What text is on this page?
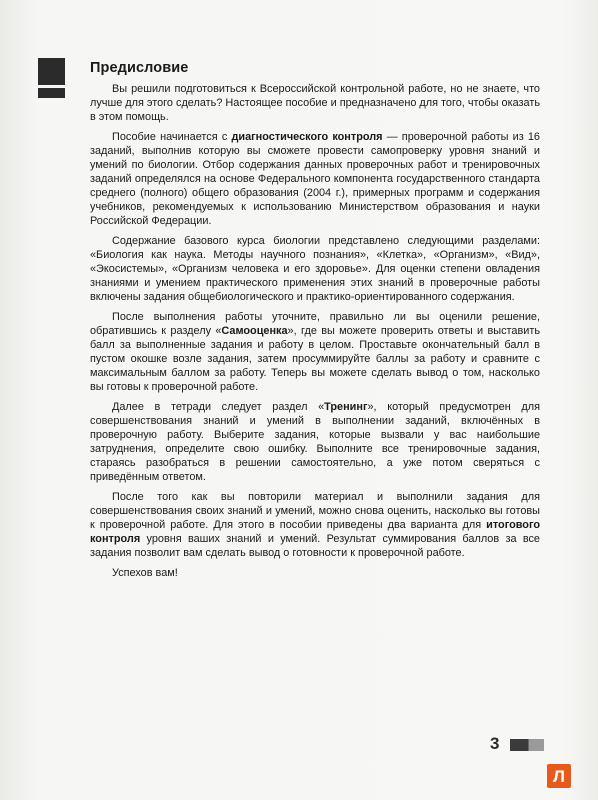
Предисловие

Вы решили подготовиться к Всероссийской контрольной работе, но не знаете, что лучше для этого сделать? Настоящее пособие и предназначено для того, чтобы оказать в этом помощь.

Пособие начинается с диагностического контроля — проверочной работы из 16 заданий, выполнив которую вы сможете провести самопроверку уровня знаний и умений по биологии. Отбор содержания данных проверочных работ и тренировочных заданий определялся на основе Федерального компонента государственного стандарта среднего (полного) общего образования (2004 г.), примерных программ и содержания учебников, рекомендуемых к использованию Министерством образования и науки Российской Федерации.

Содержание базового курса биологии представлено следующими разделами: «Биология как наука. Методы научного познания», «Клетка», «Организм», «Вид», «Экосистемы», «Организм человека и его здоровье». Для оценки степени овладения знаниями и умением практического применения этих знаний в проверочные работы включены задания общебиологического и практико-ориентированного содержания.

После выполнения работы уточните, правильно ли вы оценили решение, обратившись к разделу «Самооценка», где вы можете проверить ответы и выставить балл за выполненные задания и работу в целом. Проставьте окончательный балл в пустом окошке возле задания, затем просуммируйте баллы за работу и сравните с максимальным баллом за работу. Теперь вы можете сделать вывод о том, насколько вы готовы к проверочной работе.

Далее в тетради следует раздел «Тренинг», который предусмотрен для совершенствования знаний и умений в выполнении заданий, включённых в проверочную работу. Выберите задания, которые вызвали у вас наибольшие затруднения, определите свою ошибку. Выполните все тренировочные задания, стараясь разобраться в решении самостоятельно, а уже потом сверяться с приведённым ответом.

После того как вы повторили материал и выполнили задания для совершенствования своих знаний и умений, можно снова оценить, насколько вы готовы к проверочной работе. Для этого в пособии приведены два варианта для итогового контроля уровня ваших знаний и умений. Результат суммирования баллов за все задания позволит вам сделать вывод о готовности к проверочной работе.

Успехов вам!

3
Л
